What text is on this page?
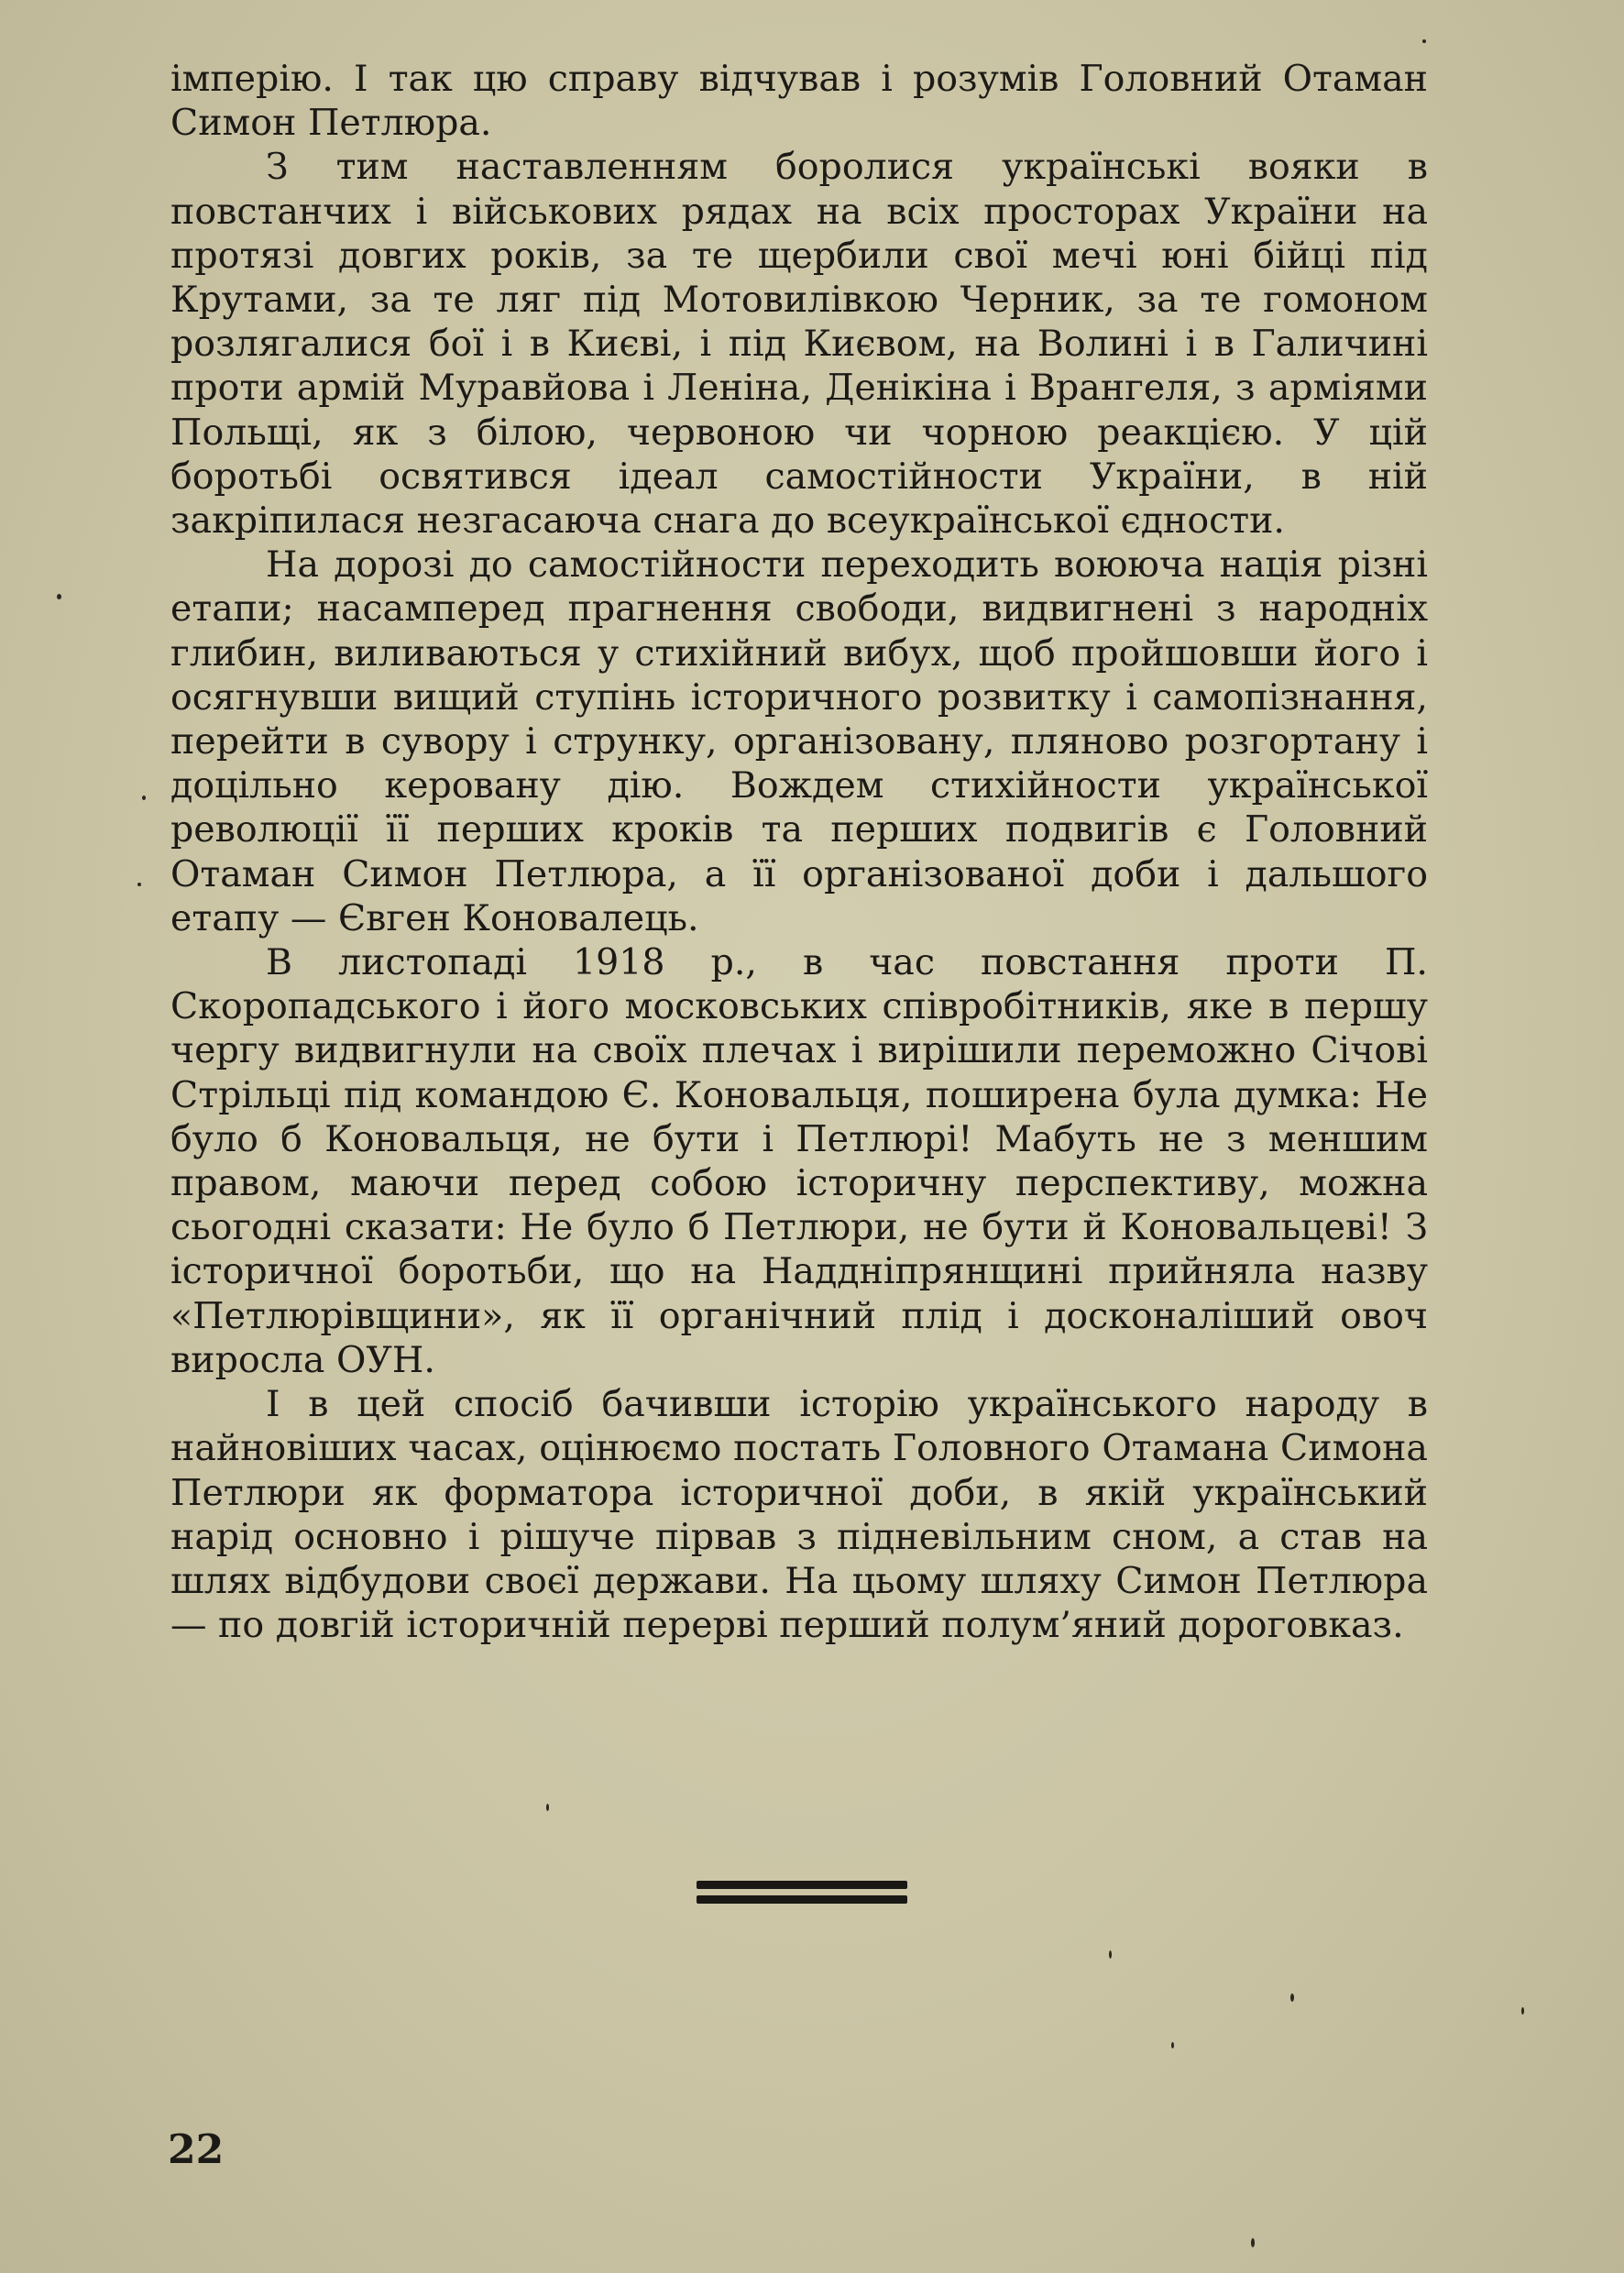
імперію. І так цю справу відчував і розумів Головний Отаман Симон Петлюра.

З тим наставленням боролися українські вояки в повстанчих і військових рядах на всіх просторах України на протязі довгих років, за те щербили свої мечі юні бійці під Крутами, за те ляг під Мотовилівкою Черник, за те гомоном розлягалися бої і в Києві, і під Києвом, на Волині і в Галичині проти армій Муравйова і Леніна, Денікіна і Врангеля, з арміями Польщі, як з білою, червоною чи чорною реакцією. У цій боротьбі освятився ідеал самостійности України, в ній закріпилася незгасаюча снага до всеукраїнської єдности.

На дорозі до самостійности переходить воююча нація різні етапи; насамперед прагнення свободи, видвигнені з народніх глибин, виливаються у стихійний вибух, щоб пройшовши його і осягнувши вищий ступінь історичного розвитку і самопізнання, перейти в сувору і струнку, організовану, пляново розгортану і доцільно керовану дію. Вождем стихійности української революції її перших кроків та перших подвигів є Головний Отаман Симон Петлюра, а її організованої доби і дальшого етапу — Євген Коновалець.

В листопаді 1918 р., в час повстання проти П. Скоропадського і його московських співробітників, яке в першу чергу видвигнули на своїх плечах і вирішили переможно Січові Стрільці під командою Є. Коновальця, поширена була думка: Не було б Коновальця, не бути і Петлюрі! Мабуть не з меншим правом, маючи перед собою історичну перспективу, можна сьогодні сказати: Не було б Петлюри, не бути й Коновальцеві! З історичної боротьби, що на Наддніпрянщині прийняла назву «Петлюрівщини», як її органічний плід і досконаліший овоч виросла ОУН.

І в цей спосіб бачивши історію українського народу в найновіших часах, оцінюємо постать Головного Отамана Симона Петлюри як форматора історичної доби, в якій український нарід основно і рішуче пірвав з підневільним сном, а став на шлях відбудови своєї держави. На цьому шляху Симон Петлюра — по довгій історичній перерві перший полум’яний дороговказ.

22
